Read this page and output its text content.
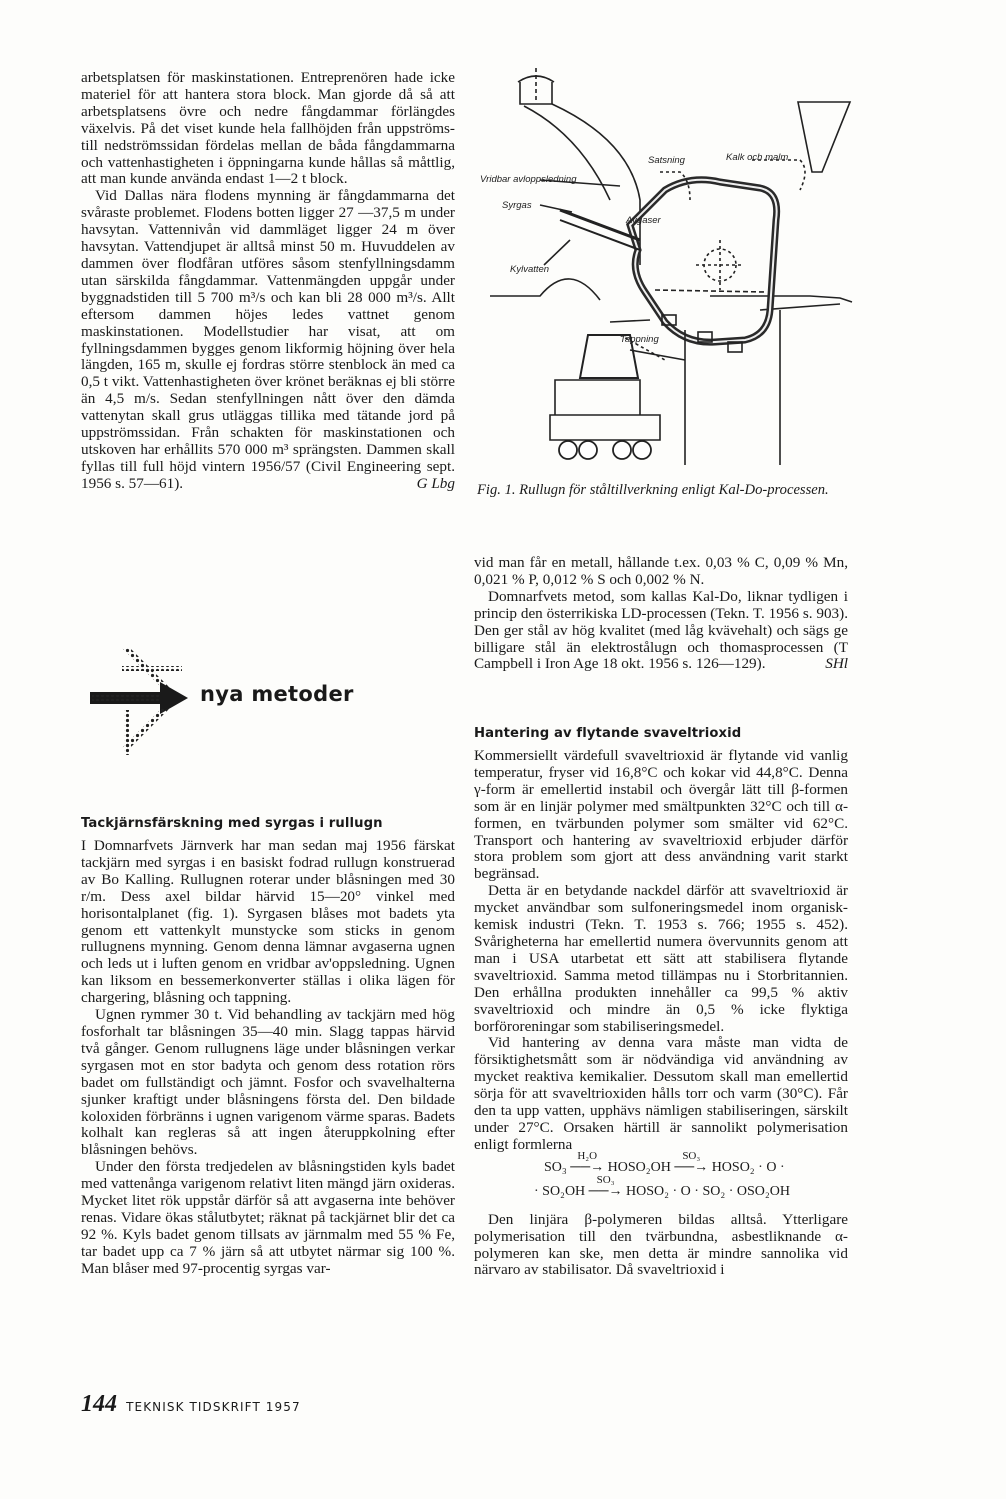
arbetsplatsen för maskinstationen. Entreprenören hade icke materiel för att hantera stora block. Man gjorde då så att arbetsplatsens övre och nedre fångdammar förlängdes växelvis. På det viset kunde hela fallhöjden från uppströms- till nedströmssidan fördelas mellan de båda fångdammarna och vattenhastigheten i öppningarna kunde hållas så måttlig, att man kunde använda endast 1—2 t block.

Vid Dallas nära flodens mynning är fångdammarna det svåraste problemet. Flodens botten ligger 27 —37,5 m under havsytan. Vattennivån vid dammläget ligger 24 m över havsytan. Vattendjupet är alltså minst 50 m. Huvuddelen av dammen över flodfåran utföres såsom stenfyllningsdamm utan särskilda fångdammar. Vattenmängden uppgår under byggnadstiden till 5 700 m³/s och kan bli 28 000 m³/s. Allt eftersom dammen höjes ledes vattnet genom maskinstationen. Modellstudier har visat, att om fyllningsdammen bygges genom likformig höjning över hela längden, 165 m, skulle ej fordras större stenblock än med ca 0,5 t vikt. Vattenhastigheten över krönet beräknas ej bli större än 4,5 m/s. Sedan stenfyllningen nått över den dämda vattenytan skall grus utläggas tillika med tätande jord på uppströmssidan. Från schakten för maskinstationen och utskoven har erhållits 570 000 m³ sprängsten. Dammen skall fyllas till full höjd vintern 1956/57 (Civil Engineering sept. 1956 s. 57—61).	G Lbg

nya metoder
Tackjärnsfärskning med syrgas i rullugn

I Domnarfvets Järnverk har man sedan maj 1956 färskat tackjärn med syrgas i en basiskt fodrad rullugn konstruerad av Bo Kalling. Rullugnen roterar under blåsningen med 30 r/m. Dess axel bildar härvid 15—20° vinkel med horisontalplanet (fig. 1). Syrgasen blåses mot badets yta genom ett vattenkylt munstycke som sticks in genom rullugnens mynning. Genom denna lämnar avgaserna ugnen och leds ut i luften genom en vridbar av'oppsledning. Ugnen kan liksom en bessemerkonverter ställas i olika lägen för chargering, blåsning och tappning.

Ugnen rymmer 30 t. Vid behandling av tackjärn med hög fosforhalt tar blåsningen 35—40 min. Slagg tappas härvid två gånger. Genom rullugnens läge under blåsningen verkar syrgasen mot en stor badyta och genom dess rotation rörs badet om fullständigt och jämnt. Fosfor och svavelhalterna sjunker kraftigt under blåsningens första del. Den bildade koloxiden förbränns i ugnen varigenom värme sparas. Badets kolhalt kan regleras så att ingen återuppkolning efter blåsningen behövs.

Under den första tredjedelen av blåsningstiden kyls badet med vattenånga varigenom relativt liten mängd järn oxideras. Mycket litet rök uppstår därför så att avgaserna inte behöver renas. Vidare ökas stålutbytet; räknat på tackjärnet blir det ca 92 %. Kyls badet genom tillsats av järnmalm med 55 % Fe, tar badet upp ca 7 % järn så att utbytet närmar sig 100 %. Man blåser med 97-procentig syrgas var-

Vridbar avloppsledning
Syrgas
Avgaser
Kylvatten
Satsning	Kalk och malm
Tappning
Fig. 1. Rullugn för ståltillverkning enligt Kal-Do-processen.

vid man får en metall, hållande t.ex. 0,03 % C, 0,09 % Mn, 0,021 % P, 0,012 % S och 0,002 % N.

Domnarfvets metod, som kallas Kal-Do, liknar tydligen i princip den österrikiska LD-processen (Tekn. T. 1956 s. 903). Den ger stål av hög kvalitet (med låg kvävehalt) och sägs ge billigare stål än elektrostålugn och thomasprocessen (T Campbell i Iron Age 18 okt. 1956 s. 126—129).	SHl

Hantering av flytande svaveltrioxid

Kommersiellt värdefull svaveltrioxid är flytande vid vanlig temperatur, fryser vid 16,8°C och kokar vid 44,8°C. Denna γ-form är emellertid instabil och övergår lätt till β-formen som är en linjär polymer med smältpunkten 32°C och till α-formen, en tvärbunden polymer som smälter vid 62°C. Transport och hantering av svaveltrioxid erbjuder därför stora problem som gjort att dess användning varit starkt begränsad.

Detta är en betydande nackdel därför att svaveltrioxid är mycket användbar som sulfoneringsmedel inom organisk-kemisk industri (Tekn. T. 1953 s. 766; 1955 s. 452). Svårigheterna har emellertid numera övervunnits genom att man i USA utarbetat ett sätt att stabilisera flytande svaveltrioxid. Samma metod tillämpas nu i Storbritannien. Den erhållna produkten innehåller ca 99,5 % aktiv svaveltrioxid och mindre än 0,5 % icke flyktiga borföroreningar som stabiliseringsmedel.

Vid hantering av denna vara måste man vidta de försiktighetsmått som är nödvändiga vid användning av mycket reaktiva kemikalier. Dessutom skall man emellertid sörja för att svaveltrioxiden hålls torr och varm (30°C). Får den ta upp vatten, upphävs nämligen stabiliseringen, särskilt under 27°C. Orsaken härtill är sannolikt polymerisation enligt formlerna

SO₃
H₂O
──→ HOSO₂OH
SO₃
──→ HOSO₂ · O ·
· SO₂OH
SO₃
──→ HOSO₂ · O · SO₂ · OSO₂OH

Den linjära β-polymeren bildas alltså. Ytterligare polymerisation till den tvärbundna, asbestliknande α-polymeren kan ske, men detta är mindre sannolika vid närvaro av stabilisator. Då svaveltrioxid i

144 TEKNISK TIDSKRIFT 1957
